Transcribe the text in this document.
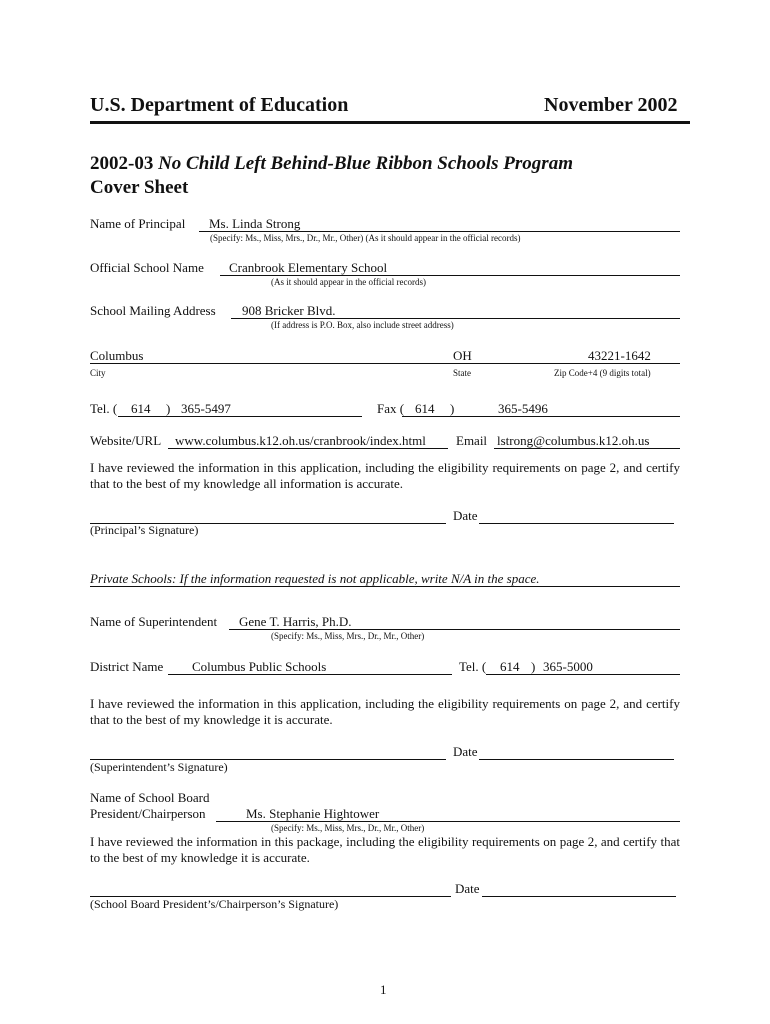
U.S. Department of Education	November 2002
2002-03 No Child Left Behind-Blue Ribbon Schools Program
Cover Sheet
Name of Principal Ms. Linda Strong
(Specify: Ms., Miss, Mrs., Dr., Mr., Other) (As it should appear in the official records)
Official School Name Cranbrook Elementary School
(As it should appear in the official records)
School Mailing Address 908 Bricker Blvd.
(If address is P.O. Box, also include street address)
Columbus	OH	43221-1642
City	State	Zip Code+4 (9 digits total)
Tel. ( 614 ) 365-5497	Fax ( 614 )	365-5496
Website/URL www.columbus.k12.oh.us/cranbrook/index.html Email lstrong@columbus.k12.oh.us
I have reviewed the information in this application, including the eligibility requirements on page 2, and certify that to the best of my knowledge all information is accurate.
Date
(Principal’s Signature)
Private Schools: If the information requested is not applicable, write N/A in the space.
Name of Superintendent Gene T. Harris, Ph.D.
(Specify: Ms., Miss, Mrs., Dr., Mr., Other)
District Name Columbus Public Schools	Tel. ( 614 ) 365-5000
I have reviewed the information in this application, including the eligibility requirements on page 2, and certify that to the best of my knowledge it is accurate.
Date
(Superintendent’s Signature)
Name of School Board
President/Chairperson	Ms. Stephanie Hightower
(Specify: Ms., Miss, Mrs., Dr., Mr., Other)
I have reviewed the information in this package, including the eligibility requirements on page 2, and certify that to the best of my knowledge it is accurate.
Date
(School Board President’s/Chairperson’s Signature)
1
